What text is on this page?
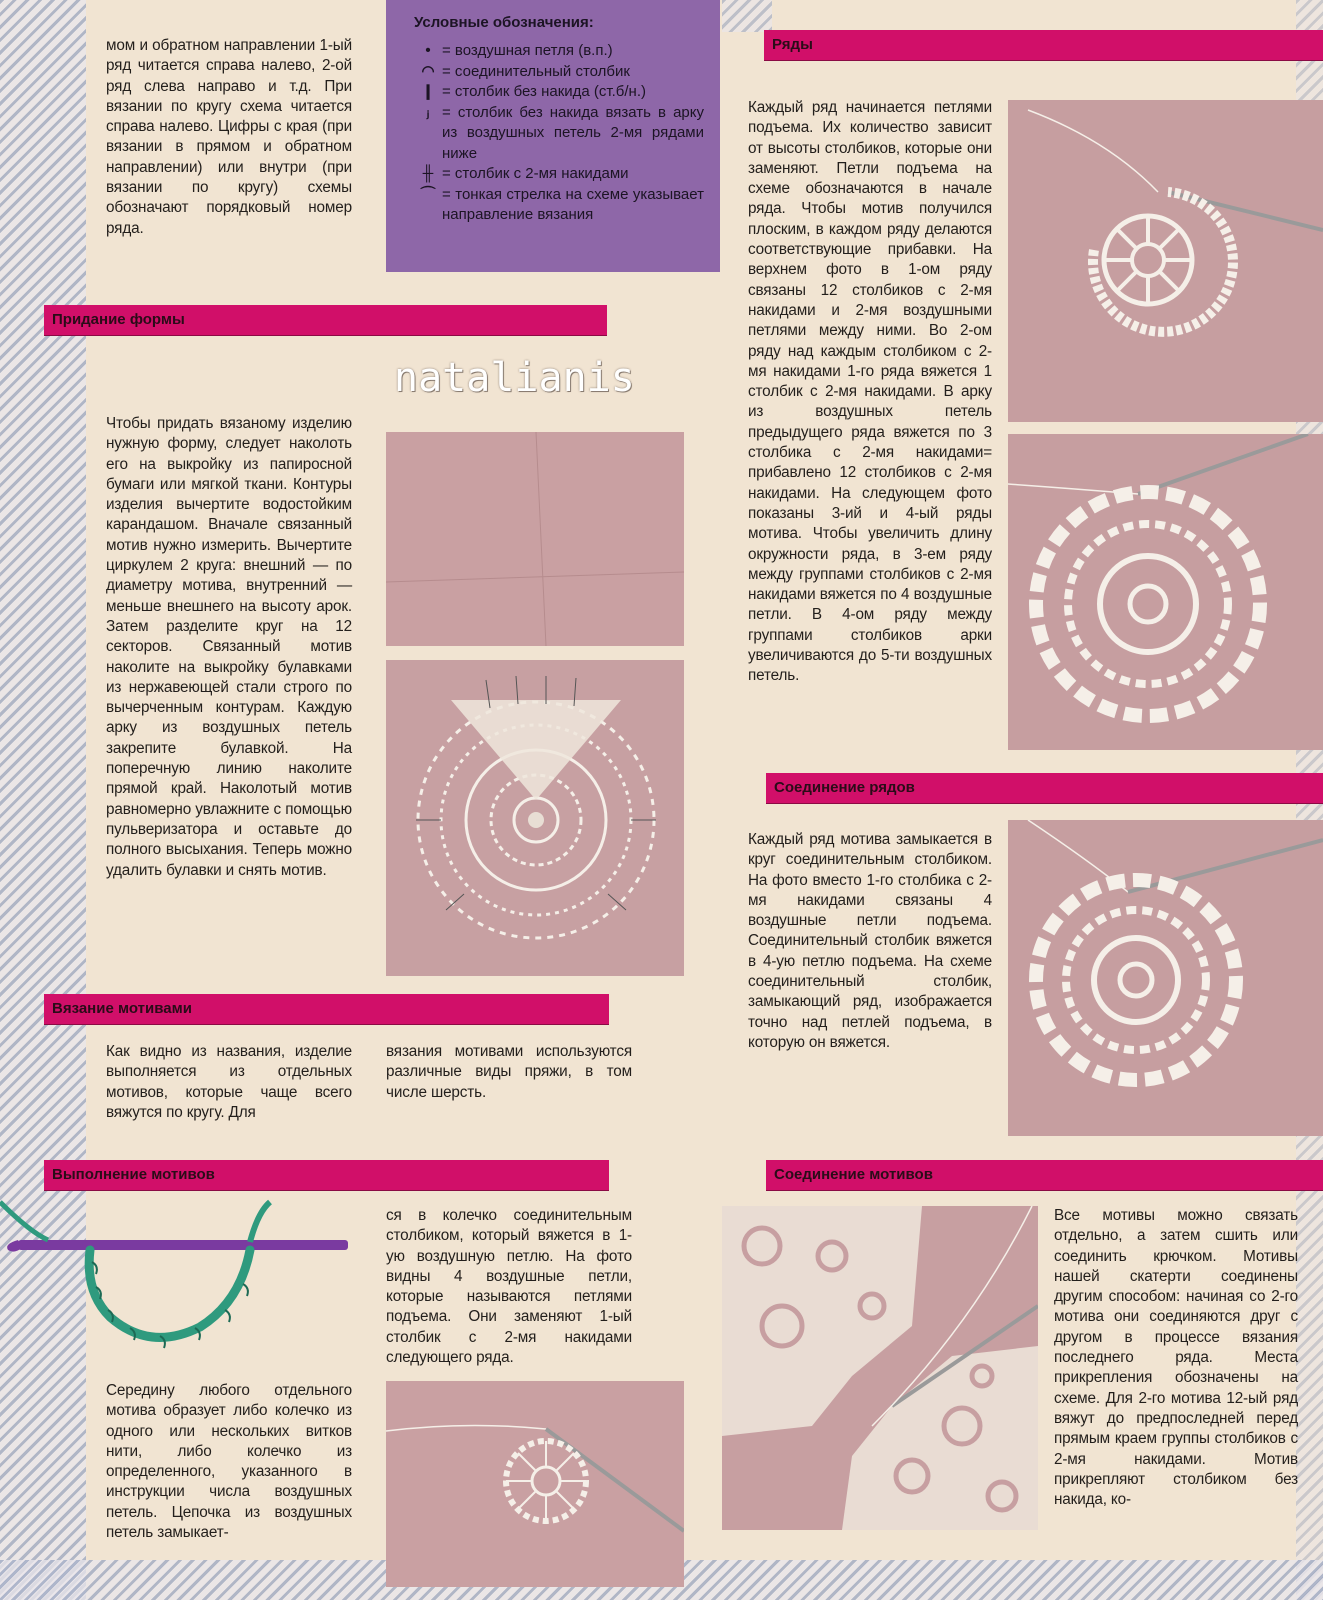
мом и обратном направлении 1-ый ряд читается справа налево, 2-ой ряд слева направо и т.д. При вязании по кругу схема читается справа налево. Цифры с края (при вязании в прямом и обратном направлении) или внутри (при вязании по кругу) схемы обозначают порядковый номер ряда.
Условные обозначения:
• = воздушная петля (в.п.)
◠ = соединительный столбик
❙ = столбик без накида (ст.б/н.)
ⱼ = столбик без накида вязать в арку из воздушных петель 2-мя рядами ниже
╫ = столбик с 2-мя накидами
⌒ = тонкая стрелка на схеме указывает направление вязания
Придание формы
natalianis
Чтобы придать вязаному изделию нужную форму, следует наколоть его на выкройку из папиросной бумаги или мягкой ткани. Контуры изделия вычертите водостойким карандашом. Вначале связанный мотив нужно измерить. Вычертите циркулем 2 круга: внешний — по диаметру мотива, внутренний — меньше внешнего на высоту арок. Затем разделите круг на 12 секторов. Связанный мотив наколите на выкройку булавками из нержавеющей стали строго по вычерченным контурам. Каждую арку из воздушных петель закрепите булавкой. На поперечную линию наколите прямой край. Наколотый мотив равномерно увлажните с помощью пульверизатора и оставьте до полного высыхания. Теперь можно удалить булавки и снять мотив.
Вязание мотивами
Как видно из названия, изделие выполняется из отдельных мотивов, которые чаще всего вяжутся по кругу. Для
вязания мотивами используются различные виды пряжи, в том числе шерсть.
Выполнение мотивов
Середину любого отдельного мотива образует либо колечко из одного или нескольких витков нити, либо колечко из определенного, указанного в инструкции числа воздушных петель. Цепочка из воздушных петель замыкает-
ся в колечко соединительным столбиком, который вяжется в 1-ую воздушную петлю. На фото видны 4 воздушные петли, которые называются петлями подъема. Они заменяют 1-ый столбик с 2-мя накидами следующего ряда.
Ряды
Каждый ряд начинается петлями подъема. Их количество зависит от высоты столбиков, которые они заменяют. Петли подъема на схеме обозначаются в начале ряда. Чтобы мотив получился плоским, в каждом ряду делаются соответствующие прибавки. На верхнем фото в 1-ом ряду связаны 12 столбиков с 2-мя накидами и 2-мя воздушными петлями между ними. Во 2-ом ряду над каждым столбиком с 2-мя накидами 1-го ряда вяжется 1 столбик с 2-мя накидами. В арку из воздушных петель предыдущего ряда вяжется по 3 столбика с 2-мя накидами= прибавлено 12 столбиков с 2-мя накидами. На следующем фото показаны 3-ий и 4-ый ряды мотива. Чтобы увеличить длину окружности ряда, в 3-ем ряду между группами столбиков с 2-мя накидами вяжется по 4 воздушные петли. В 4-ом ряду между группами столбиков арки увеличиваются до 5-ти воздушных петель.
Соединение рядов
Каждый ряд мотива замыкается в круг соединительным столбиком. На фото вместо 1-го столбика с 2-мя накидами связаны 4 воздушные петли подъема. Соединительный столбик вяжется в 4-ую петлю подъема. На схеме соединительный столбик, замыкающий ряд, изображается точно над петлей подъема, в которую он вяжется.
Соединение мотивов
Все мотивы можно связать отдельно, а затем сшить или соединить крючком. Мотивы нашей скатерти соединены другим способом: начиная со 2-го мотива они соединяются друг с другом в процессе вязания последнего ряда. Места прикрепления обозначены на схеме. Для 2-го мотива 12-ый ряд вяжут до предпоследней перед прямым краем группы столбиков с 2-мя накидами. Мотив прикрепляют столбиком без накида, ко-
